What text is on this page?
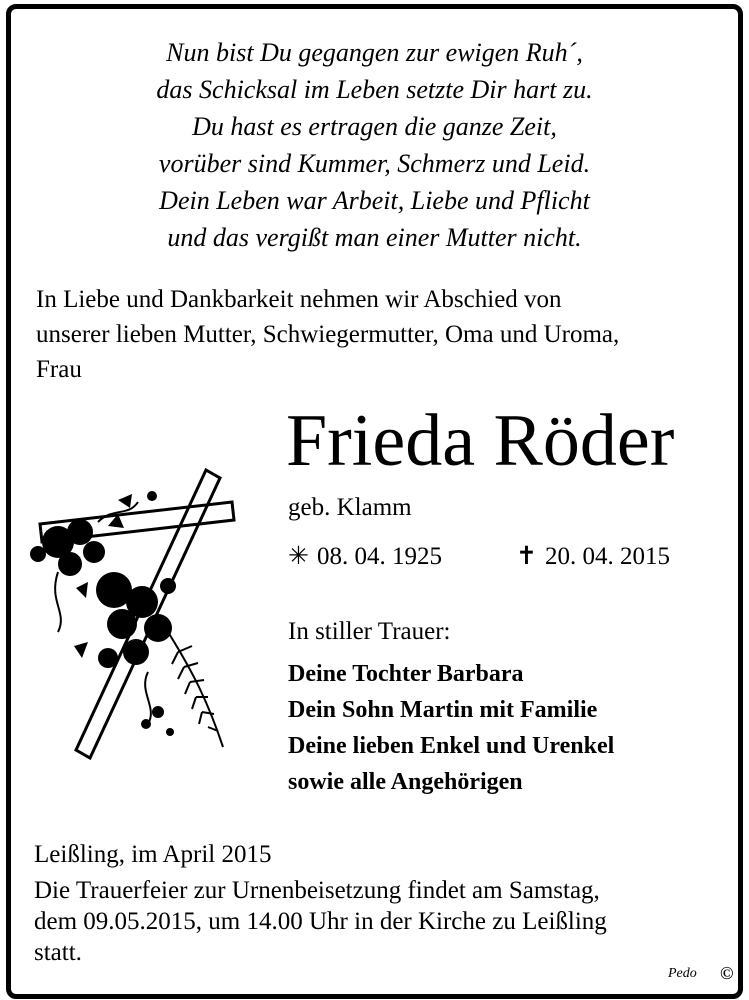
Nun bist Du gegangen zur ewigen Ruh´,
das Schicksal im Leben setzte Dir hart zu.
Du hast es ertragen die ganze Zeit,
vorüber sind Kummer, Schmerz und Leid.
Dein Leben war Arbeit, Liebe und Pflicht
und das vergißt man einer Mutter nicht.
In Liebe und Dankbarkeit nehmen wir Abschied von
unserer lieben Mutter, Schwiegermutter, Oma und Uroma,
Frau
Frieda Röder
geb. Klamm
✳ 08. 04. 1925	✝ 20. 04. 2015
In stiller Trauer:
Deine Tochter Barbara
Dein Sohn Martin mit Familie
Deine lieben Enkel und Urenkel
sowie alle Angehörigen
Leißling, im April 2015
Die Trauerfeier zur Urnenbeisetzung findet am Samstag,
dem 09.05.2015, um 14.00 Uhr in der Kirche zu Leißling
statt.
Pedo ©
